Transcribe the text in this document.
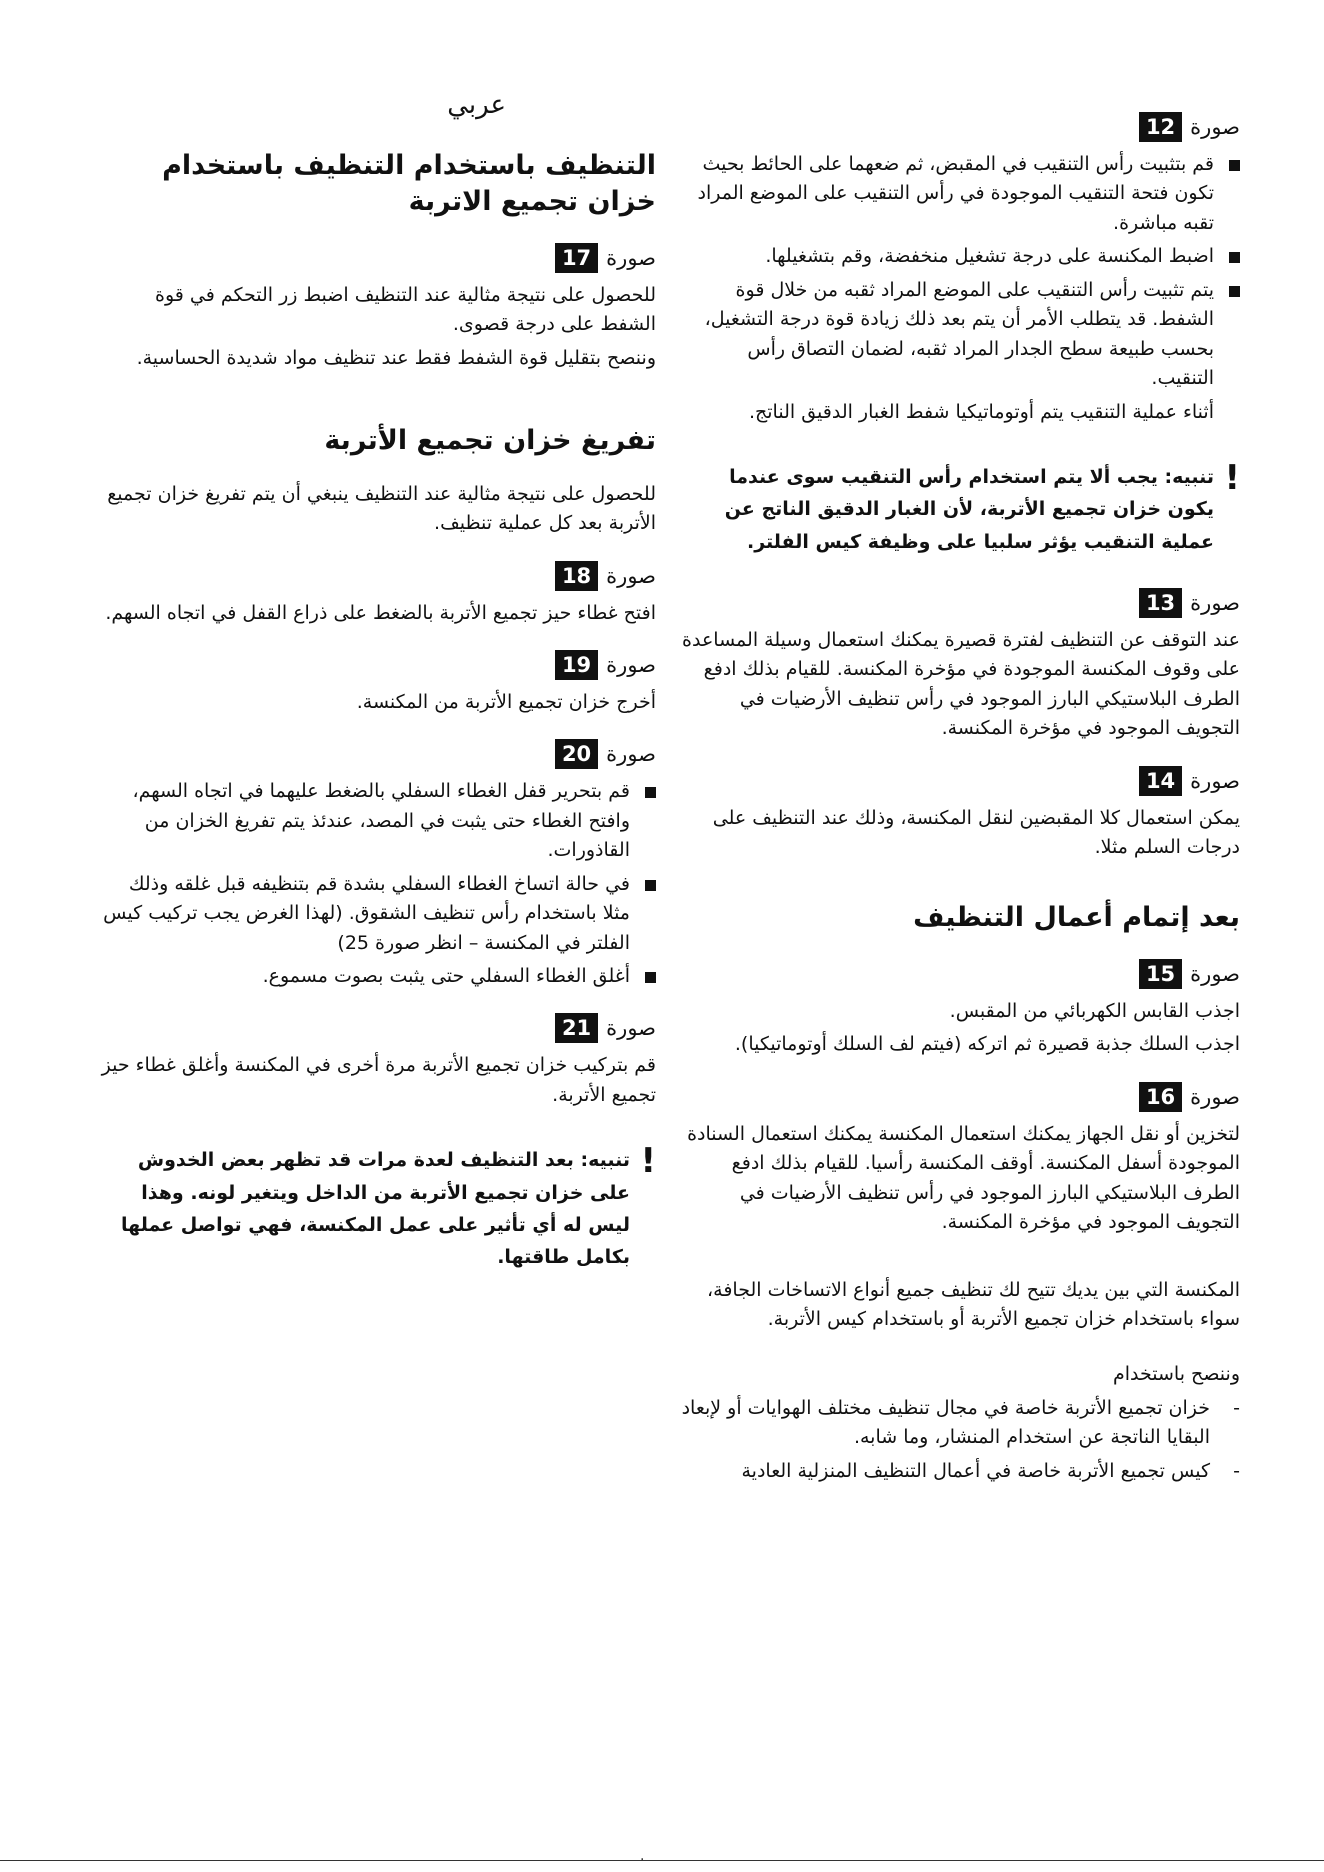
صورة
12
قم بتثبيت رأس التنقيب في المقبض، ثم ضعهما على الحائط بحيث تكون فتحة التنقيب الموجودة في رأس التنقيب على الموضع المراد تقبه مباشرة.
اضبط المكنسة على درجة تشغيل منخفضة، وقم بتشغيلها.
يتم تثبيت رأس التنقيب على الموضع المراد ثقبه من خلال قوة الشفط. قد يتطلب الأمر أن يتم بعد ذلك زيادة قوة درجة التشغيل، بحسب طبيعة سطح الجدار المراد ثقبه، لضمان التصاق رأس التنقيب.
أثناء عملية التنقيب يتم أوتوماتيكيا شفط الغبار الدقيق الناتج.
!
تنبيه: يجب ألا يتم استخدام رأس التنقيب سوى عندما يكون خزان تجميع الأتربة، لأن الغبار الدقيق الناتج عن عملية التنقيب يؤثر سلبيا على وظيفة كيس الفلتر.
صورة
13

عند التوقف عن التنظيف لفترة قصيرة يمكنك استعمال وسيلة المساعدة على وقوف المكنسة الموجودة في مؤخرة المكنسة. للقيام بذلك ادفع الطرف البلاستيكي البارز الموجود في رأس تنظيف الأرضيات في التجويف الموجود في مؤخرة المكنسة.

صورة
14

يمكن استعمال كلا المقبضين لنقل المكنسة، وذلك عند التنظيف على درجات السلم مثلا.

بعد إتمام أعمال التنظيف
صورة
15

اجذب القابس الكهربائي من المقبس.

اجذب السلك جذبة قصيرة ثم اتركه (فيتم لف السلك أوتوماتيكيا).

صورة
16

لتخزين أو نقل الجهاز يمكنك استعمال المكنسة يمكنك استعمال السنادة الموجودة أسفل المكنسة. أوقف المكنسة رأسيا. للقيام بذلك ادفع الطرف البلاستيكي البارز الموجود في رأس تنظيف الأرضيات في التجويف الموجود في مؤخرة المكنسة.

المكنسة التي بين يديك تتيح لك تنظيف جميع أنواع الاتساخات الجافة، سواء باستخدام خزان تجميع الأتربة أو باستخدام كيس الأتربة.

وننصح باستخدام

-
خزان تجميع الأتربة خاصة في مجال تنظيف مختلف الهوايات أو لإبعاد البقايا الناتجة عن استخدام المنشار، وما شابه.
-
كيس تجميع الأتربة خاصة في أعمال التنظيف المنزلية العادية
عربي
التنظيف باستخدام التنظيف باستخدام خزان تجميع الاتربة
صورة
17

للحصول على نتيجة مثالية عند التنظيف اضبط زر التحكم في قوة الشفط على درجة قصوى.

وننصح بتقليل قوة الشفط فقط عند تنظيف مواد شديدة الحساسية.

تفريغ خزان تجميع الأتربة

للحصول على نتيجة مثالية عند التنظيف ينبغي أن يتم تفريغ خزان تجميع الأتربة بعد كل عملية تنظيف.

صورة
18

افتح غطاء حيز تجميع الأتربة بالضغط على ذراع القفل في اتجاه السهم.

صورة
19

أخرج خزان تجميع الأتربة من المكنسة.

صورة
20
قم بتحرير قفل الغطاء السفلي بالضغط عليهما في اتجاه السهم، وافتح الغطاء حتى يثبت في المصد، عندئذ يتم تفريغ الخزان من القاذورات.
في حالة اتساخ الغطاء السفلي بشدة قم بتنظيفه قبل غلقه وذلك مثلا باستخدام رأس تنظيف الشقوق. (لهذا الغرض يجب تركيب كيس الفلتر في المكنسة – انظر صورة 25)
أغلق الغطاء السفلي حتى يثبت بصوت مسموع.
صورة
21

قم بتركيب خزان تجميع الأتربة مرة أخرى في المكنسة وأغلق غطاء حيز تجميع الأتربة.

!
تنبيه: بعد التنظيف لعدة مرات قد تظهر بعض الخدوش على خزان تجميع الأتربة من الداخل ويتغير لونه. وهذا ليس له أي تأثير على عمل المكنسة، فهي تواصل عملها بكامل طاقتها.
.
